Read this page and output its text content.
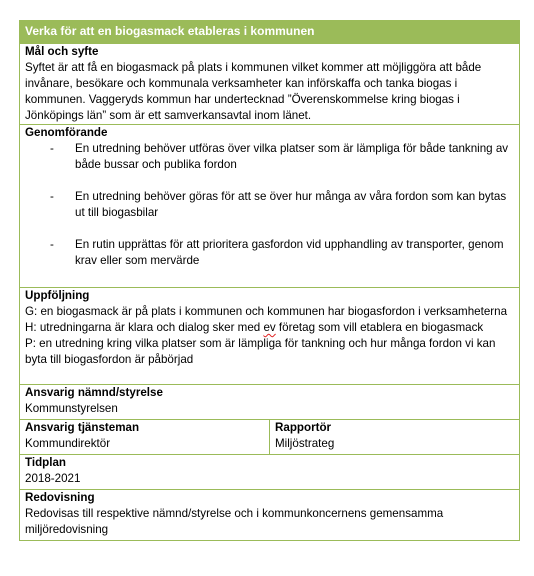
Verka för att en biogasmack etableras i kommunen

Mål och syfte
Syftet är att få en biogasmack på plats i kommunen vilket kommer att möjliggöra att både invånare, besökare och kommunala verksamheter kan införskaffa och tanka biogas i kommunen. Vaggeryds kommun har undertecknad ”Överenskommelse kring biogas i Jönköpings län” som är ett samverkansavtal inom länet.

Genomförande
- En utredning behöver utföras över vilka platser som är lämpliga för både tankning av både bussar och publika fordon
- En utredning behöver göras för att se över hur många av våra fordon som kan bytas ut till biogasbilar
- En rutin upprättas för att prioritera gasfordon vid upphandling av transporter, genom krav eller som mervärde

Uppföljning
G: en biogasmack är på plats i kommunen och kommunen har biogasfordon i verksamheterna
H: utredningarna är klara och dialog sker med ev företag som vill etablera en biogasmack
P: en utredning kring vilka platser som är lämpliga för tankning och hur många fordon vi kan byta till biogasfordon är påbörjad

Ansvarig nämnd/styrelse
Kommunstyrelsen

Ansvarig tjänsteman
Kommundirektör

Rapportör
Miljöstrateg

Tidplan
2018-2021

Redovisning
Redovisas till respektive nämnd/styrelse och i kommunkoncernens gemensamma miljöredovisning
